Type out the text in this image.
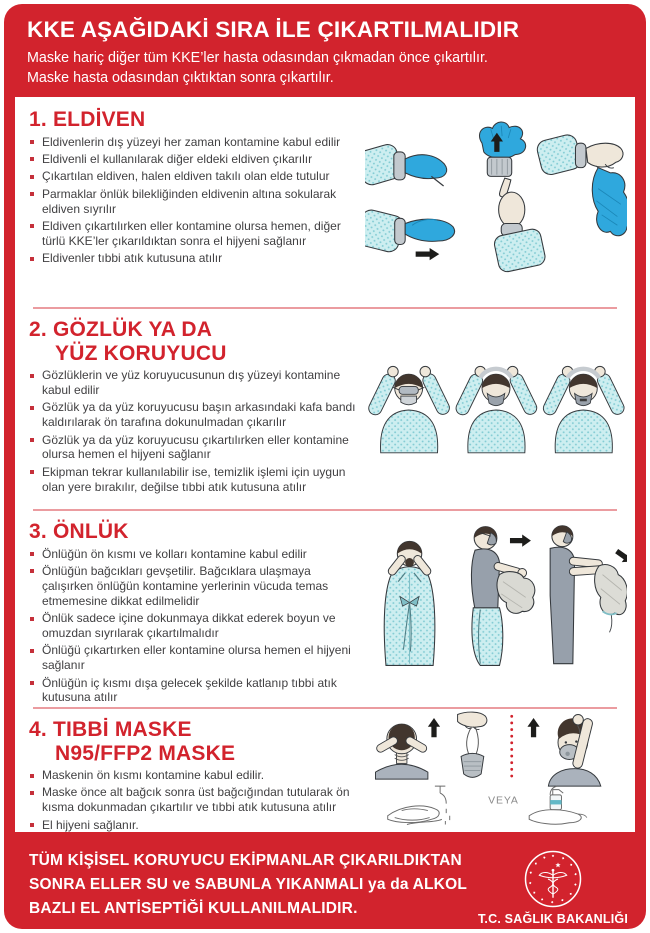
KKE AŞAĞIDAKİ SIRA İLE ÇIKARTILMALIDIR

Maske hariç diğer tüm KKE’ler hasta odasından çıkmadan önce çıkartılır.

Maske hasta odasından çıktıktan sonra çıkartılır.

1. ELDİVEN
Eldivenlerin dış yüzeyi her zaman kontamine kabul edilir
Eldivenli el kullanılarak diğer eldeki eldiven çıkarılır
Çıkartılan eldiven, halen eldiven takılı olan elde tutulur
Parmaklar önlük bilekliğinden eldivenin altına sokularak eldiven sıyrılır
Eldiven çıkartılırken eller kontamine olursa hemen, diğer türlü KKE’ler çıkarıldıktan sonra el hijyeni sağlanır
Eldivenler tıbbi atık kutusuna atılır
2. GÖZLÜK YA DA
YÜZ KORUYUCU
Gözlüklerin ve yüz koruyucusunun dış yüzeyi kontamine kabul edilir
Gözlük ya da yüz koruyucusu başın arkasındaki kafa bandı kaldırılarak ön tarafına dokunulmadan çıkarılır
Gözlük ya da yüz koruyucusu çıkartılırken eller kontamine olursa hemen el hijyeni sağlanır
Ekipman tekrar kullanılabilir ise, temizlik işlemi için uygun olan yere bırakılır, değilse tıbbi atık kutusuna atılır
3. ÖNLÜK
Önlüğün ön kısmı ve kolları kontamine kabul edilir
Önlüğün bağcıkları gevşetilir. Bağcıklara ulaşmaya çalışırken önlüğün kontamine yerlerinin vücuda temas etmemesine dikkat edilmelidir
Önlük sadece içine dokunmaya dikkat ederek boyun ve omuzdan sıyrılarak çıkartılmalıdır
Önlüğü çıkartırken eller kontamine olursa hemen el hijyeni sağlanır
Önlüğün iç kısmı dışa gelecek şekilde katlanıp tıbbi atık kutusuna atılır
4. TIBBİ MASKE
N95/FFP2 MASKE
Maskenin ön kısmı kontamine kabul edilir.
Maske önce alt bağcık sonra üst bağcığından tutularak ön kısma dokunmadan çıkartılır ve tıbbi atık kutusuna atılır
El hijyeni sağlanır.
VEYA
TÜM KİŞİSEL KORUYUCU EKİPMANLAR ÇIKARILDIKTAN
SONRA ELLER SU ve SABUNLA YIKANMALI ya da ALKOL
BAZLI EL ANTİSEPTİĞİ KULLANILMALIDIR.
T.C. SAĞLIK BAKANLIĞI
